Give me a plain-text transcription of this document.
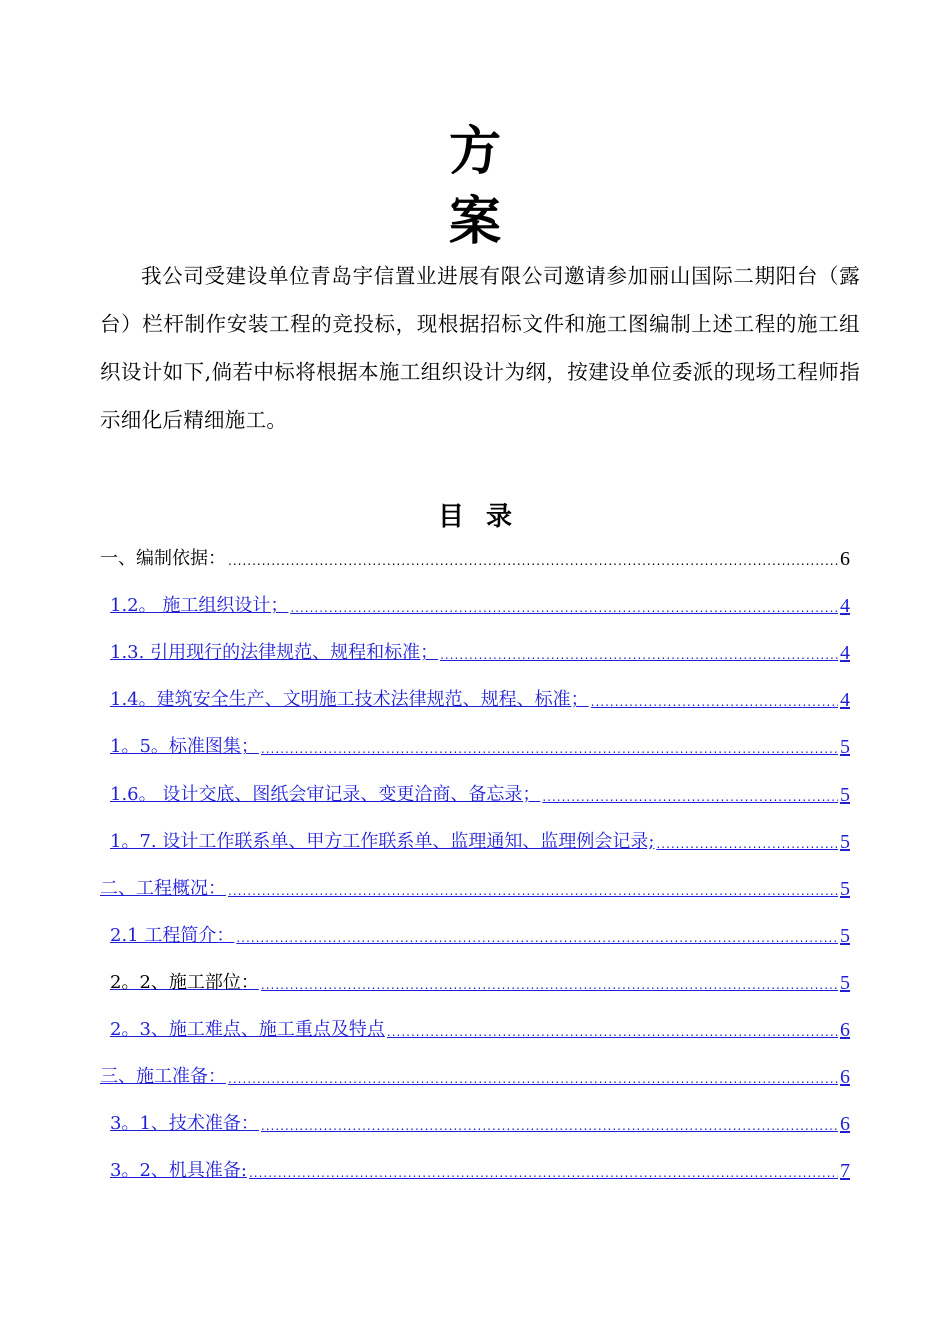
方
案

我公司受建设单位青岛宇信置业进展有限公司邀请参加丽山国际二期阳台（露台）栏杆制作安装工程的竞投标，现根据招标文件和施工图编制上述工程的施工组织设计如下,倘若中标将根据本施工组织设计为纲，按建设单位委派的现场工程师指示细化后精细施工。

目录
一、编制依据： .....	6
1.2。 施工组织设计； .....	4
1.3. 引用现行的法律规范、规程和标准； .....	4
1.4。建筑安全生产、文明施工技术法律规范、规程、标准； .....	4
1。5。标准图集； .....	5
1.6。 设计交底、图纸会审记录、变更洽商、备忘录； .....	5
1。7. 设计工作联系单、甲方工作联系单、监理通知、监理例会记录; .....	5
二、工程概况： .....	5
2.1 工程简介： .....	5
2。2、施工部位： .....	5
2。3、施工难点、施工重点及特点 .....	6
三、施工准备： .....	6
3。1、技术准备： .....	6
3。2、机具准备: .....	7
